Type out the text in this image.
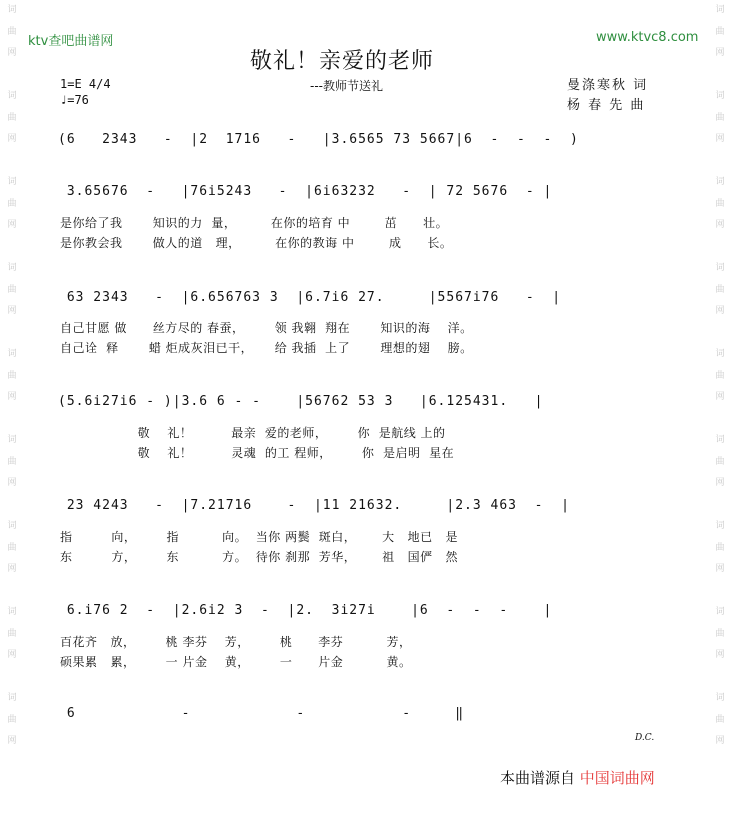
ktv查吧曲谱网	www.ktvc8.com
词
曲
网

词
曲
网

词
曲
网

词
曲
网

词
曲
网

词
曲
网

词
曲
网

词
曲
网

词
曲
网
词
曲
网

词
曲
网

词
曲
网

词
曲
网

词
曲
网

词
曲
网

词
曲
网

词
曲
网

词
曲
网
敬礼！亲爱的老师
---教师节送礼
1=E 4/4
♩=76
曼涤寒秋 词
杨 春 先 曲
(6   2343   -  |2  1716   -   |3.6565 73 5667|6  -  -  -  )
3.65676  -   |76i5243   -  |6i63232   -  | 72 5676  - |
是你给了我       知识的力  量，        在你的培育 中        茁      壮。
是你教会我       做人的道   理，        在你的教诲 中        成      长。
63 2343   -  |6.656763 3  |6.7i6 27.     |5567i76   -  |
自己甘愿 做      丝方尽的 春蚕，       领 我翱  翔在       知识的海    洋。
自己诠  释       蜡 炬成灰泪已干，     给 我插  上了       理想的翅    膀。
(5.6i27i6 - )|3.6 6 - -    |56762 53 3   |6.125431.   |
敬    礼！         最亲  爱的老师，       你  是航线 上的
敬    礼！         灵魂  的工 程师，       你  是启明  星在
23 4243   -  |7.21716    -  |11 21632.     |2.3 463  -  |
指         向，       指          向。  当你 两鬓  斑白，      大   地已   是
东         方，       东          方。  待你 刹那  芳华，      祖   国俨   然
6.i76 2  -  |2.6i2 3  -  |2.  3i27i    |6  -  -  -    |
百花齐   放，       桃 李芬    芳，       桃      李芬          芳，
硕果累   累，       一 片金    黄，       一      片金          黄。
6            -            -           -     ‖
D.C.
本曲谱源自 中国词曲网
